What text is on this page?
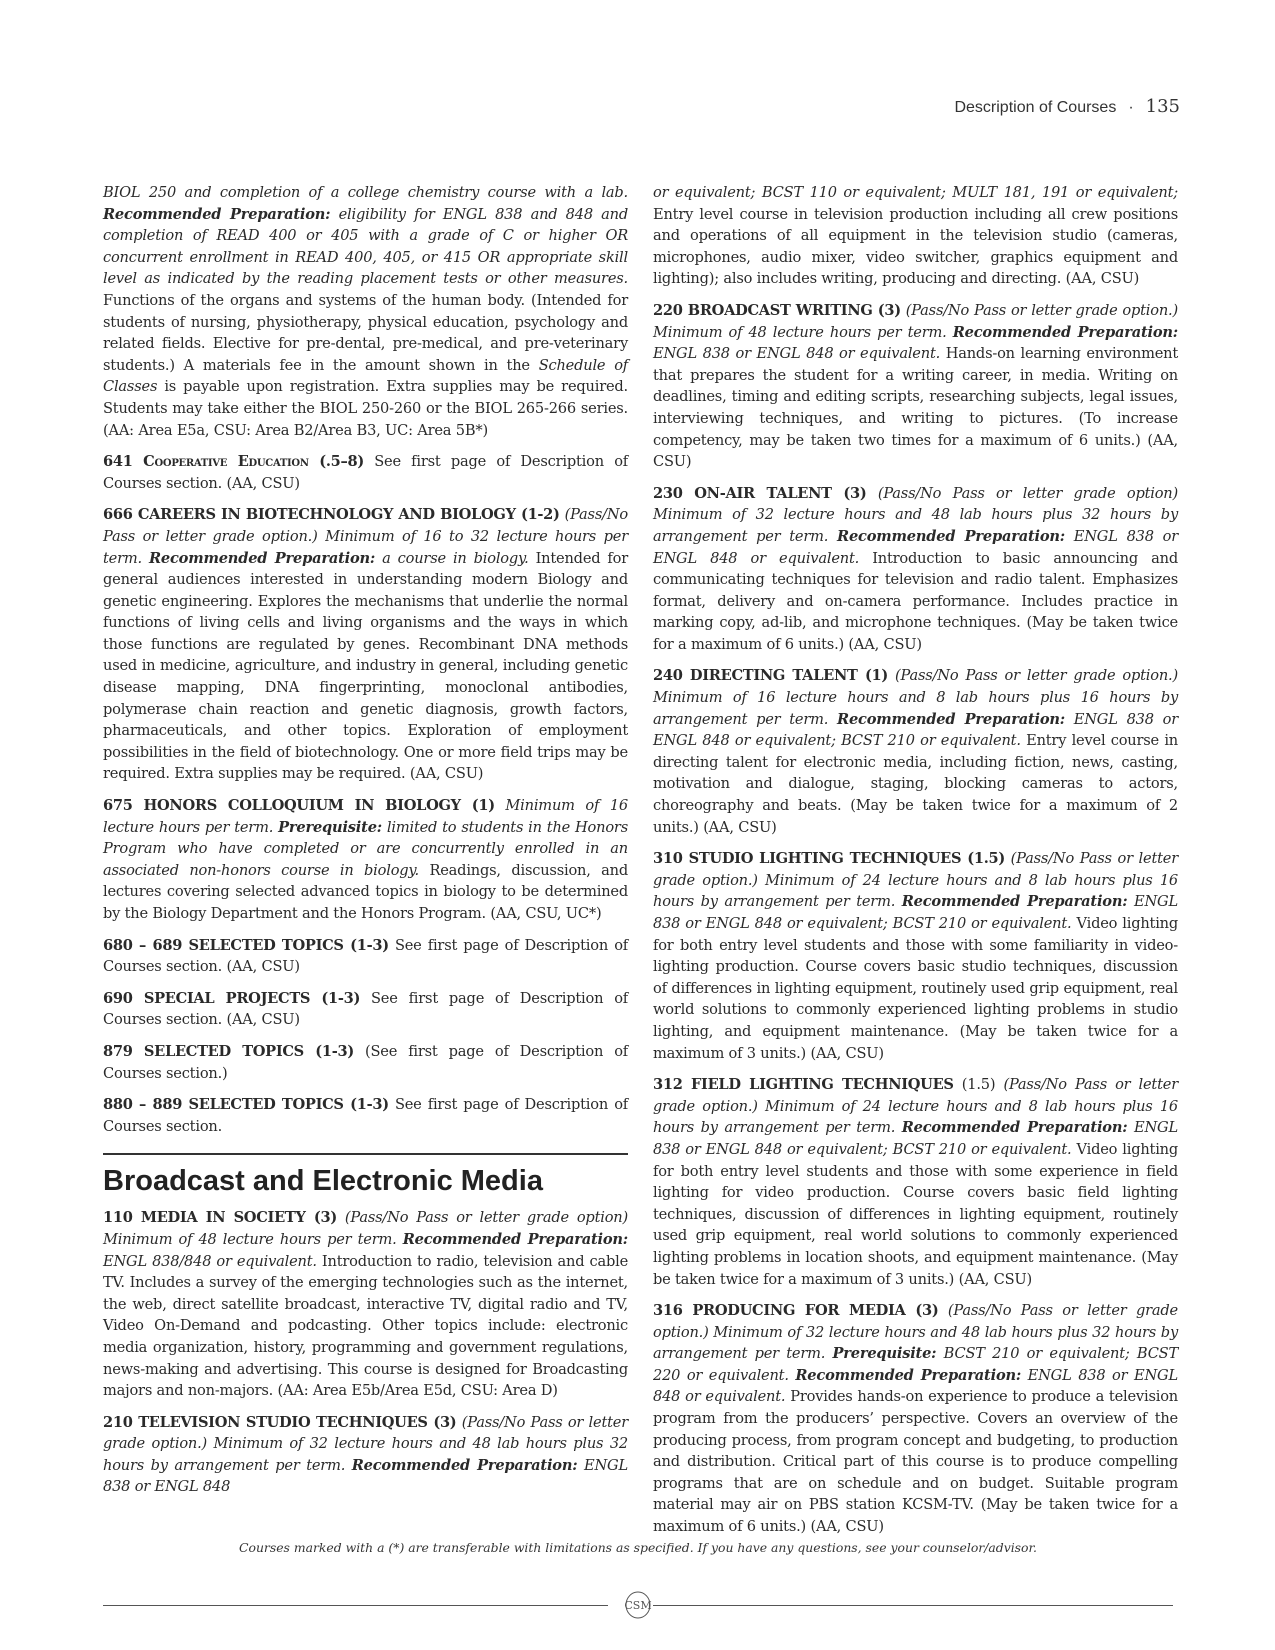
Description of Courses · 135

BIOL 250 and completion of a college chemistry course with a lab. Recommended Preparation: eligibility for ENGL 838 and 848 and completion of READ 400 or 405 with a grade of C or higher OR concurrent enrollment in READ 400, 405, or 415 OR appropriate skill level as indicated by the reading placement tests or other measures. Functions of the organs and systems of the human body. (Intended for students of nursing, physiotherapy, physical education, psychology and related fields. Elective for pre-dental, pre-medical, and pre-veterinary students.) A materials fee in the amount shown in the Schedule of Classes is payable upon registration. Extra supplies may be required. Students may take either the BIOL 250-260 or the BIOL 265-266 series. (AA: Area E5a, CSU: Area B2/Area B3, UC: Area 5B*)

641 Cooperative Education (.5–8) See first page of Description of Courses section. (AA, CSU)

666 CAREERS IN BIOTECHNOLOGY AND BIOLOGY (1-2) (Pass/No Pass or letter grade option.) Minimum of 16 to 32 lecture hours per term. Recommended Preparation: a course in biology. Intended for general audiences interested in understanding modern Biology and genetic engineering. Explores the mechanisms that underlie the normal functions of living cells and living organisms and the ways in which those functions are regulated by genes. Recombinant DNA methods used in medicine, agriculture, and industry in general, including genetic disease mapping, DNA fingerprinting, monoclonal antibodies, polymerase chain reaction and genetic diagnosis, growth factors, pharmaceuticals, and other topics. Exploration of employment possibilities in the field of biotechnology. One or more field trips may be required. Extra supplies may be required. (AA, CSU)

675 HONORS COLLOQUIUM IN BIOLOGY (1) Minimum of 16 lecture hours per term. Prerequisite: limited to students in the Honors Program who have completed or are concurrently enrolled in an associated non-honors course in biology. Readings, discussion, and lectures covering selected advanced topics in biology to be determined by the Biology Department and the Honors Program. (AA, CSU, UC*)

680 – 689 SELECTED TOPICS (1-3) See first page of Description of Courses section. (AA, CSU)

690 SPECIAL PROJECTS (1-3) See first page of Description of Courses section. (AA, CSU)

879 SELECTED TOPICS (1-3) (See first page of Description of Courses section.)

880 – 889 SELECTED TOPICS (1-3) See first page of Description of Courses section.

Broadcast and Electronic Media

110 MEDIA IN SOCIETY (3) (Pass/No Pass or letter grade option) Minimum of 48 lecture hours per term. Recommended Preparation: ENGL 838/848 or equivalent. Introduction to radio, television and cable TV. Includes a survey of the emerging technologies such as the internet, the web, direct satellite broadcast, interactive TV, digital radio and TV, Video On-Demand and podcasting. Other topics include: electronic media organization, history, programming and government regulations, news-making and advertising. This course is designed for Broadcasting majors and non-majors. (AA: Area E5b/Area E5d, CSU: Area D)

210 TELEVISION STUDIO TECHNIQUES (3) (Pass/No Pass or letter grade option.) Minimum of 32 lecture hours and 48 lab hours plus 32 hours by arrangement per term. Recommended Preparation: ENGL 838 or ENGL 848

or equivalent; BCST 110 or equivalent; MULT 181, 191 or equivalent; Entry level course in television production including all crew positions and operations of all equipment in the television studio (cameras, microphones, audio mixer, video switcher, graphics equipment and lighting); also includes writing, producing and directing. (AA, CSU)

220 BROADCAST WRITING (3) (Pass/No Pass or letter grade option.) Minimum of 48 lecture hours per term. Recommended Preparation: ENGL 838 or ENGL 848 or equivalent. Hands-on learning environment that prepares the student for a writing career, in media. Writing on deadlines, timing and editing scripts, researching subjects, legal issues, interviewing techniques, and writing to pictures. (To increase competency, may be taken two times for a maximum of 6 units.) (AA, CSU)

230 ON-AIR TALENT (3) (Pass/No Pass or letter grade option) Minimum of 32 lecture hours and 48 lab hours plus 32 hours by arrangement per term. Recommended Preparation: ENGL 838 or ENGL 848 or equivalent. Introduction to basic announcing and communicating techniques for television and radio talent. Emphasizes format, delivery and on-camera performance. Includes practice in marking copy, ad-lib, and microphone techniques. (May be taken twice for a maximum of 6 units.) (AA, CSU)

240 DIRECTING TALENT (1) (Pass/No Pass or letter grade option.) Minimum of 16 lecture hours and 8 lab hours plus 16 hours by arrangement per term. Recommended Preparation: ENGL 838 or ENGL 848 or equivalent; BCST 210 or equivalent. Entry level course in directing talent for electronic media, including fiction, news, casting, motivation and dialogue, staging, blocking cameras to actors, choreography and beats. (May be taken twice for a maximum of 2 units.) (AA, CSU)

310 STUDIO LIGHTING TECHNIQUES (1.5) (Pass/No Pass or letter grade option.) Minimum of 24 lecture hours and 8 lab hours plus 16 hours by arrangement per term. Recommended Preparation: ENGL 838 or ENGL 848 or equivalent; BCST 210 or equivalent. Video lighting for both entry level students and those with some familiarity in video-lighting production. Course covers basic studio techniques, discussion of differences in lighting equipment, routinely used grip equipment, real world solutions to commonly experienced lighting problems in studio lighting, and equipment maintenance. (May be taken twice for a maximum of 3 units.) (AA, CSU)

312 FIELD LIGHTING TECHNIQUES (1.5) (Pass/No Pass or letter grade option.) Minimum of 24 lecture hours and 8 lab hours plus 16 hours by arrangement per term. Recommended Preparation: ENGL 838 or ENGL 848 or equivalent; BCST 210 or equivalent. Video lighting for both entry level students and those with some experience in field lighting for video production. Course covers basic field lighting techniques, discussion of differences in lighting equipment, routinely used grip equipment, real world solutions to commonly experienced lighting problems in location shoots, and equipment maintenance. (May be taken twice for a maximum of 3 units.) (AA, CSU)

316 PRODUCING FOR MEDIA (3) (Pass/No Pass or letter grade option.) Minimum of 32 lecture hours and 48 lab hours plus 32 hours by arrangement per term. Prerequisite: BCST 210 or equivalent; BCST 220 or equivalent. Recommended Preparation: ENGL 838 or ENGL 848 or equivalent. Provides hands-on experience to produce a television program from the producers’ perspective. Covers an overview of the producing process, from program concept and budgeting, to production and distribution. Critical part of this course is to produce compelling programs that are on schedule and on budget. Suitable program material may air on PBS station KCSM-TV. (May be taken twice for a maximum of 6 units.) (AA, CSU)

Courses marked with a (*) are transferable with limitations as specified. If you have any questions, see your counselor/advisor.
CSM
